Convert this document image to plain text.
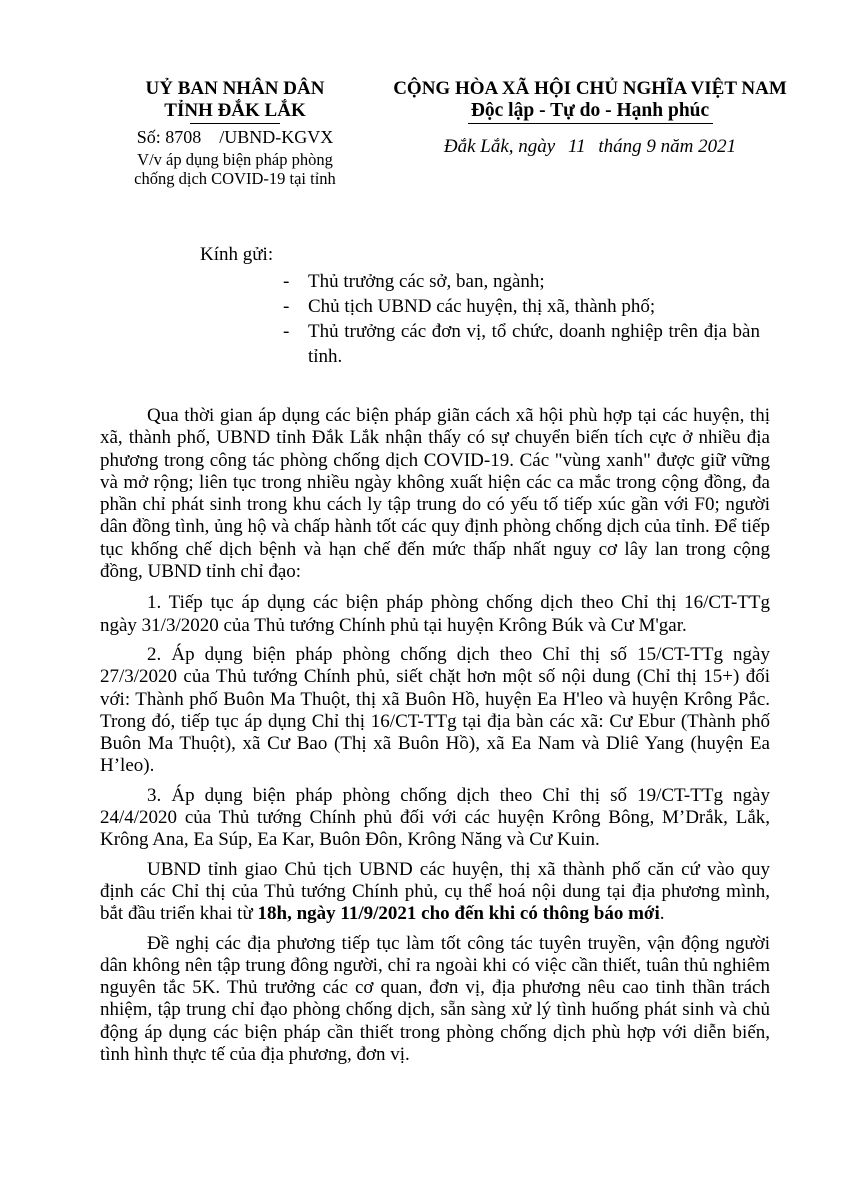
UỶ BAN NHÂN DÂN
TỈNH ĐẮK LẮK
Số: 8708 /UBND-KGVX
V/v áp dụng biện pháp phòng
chống dịch COVID-19 tại tỉnh
CỘNG HÒA XÃ HỘI CHỦ NGHĨA VIỆT NAM
Độc lập - Tự do - Hạnh phúc
Đắk Lắk, ngày 11 tháng 9 năm 2021
Kính gửi:
- Thủ trưởng các sở, ban, ngành;
- Chủ tịch UBND các huyện, thị xã, thành phố;
- Thủ trưởng các đơn vị, tổ chức, doanh nghiệp trên địa bàn tỉnh.

Qua thời gian áp dụng các biện pháp giãn cách xã hội phù hợp tại các huyện, thị xã, thành phố, UBND tỉnh Đắk Lắk nhận thấy có sự chuyển biến tích cực ở nhiều địa phương trong công tác phòng chống dịch COVID-19. Các "vùng xanh" được giữ vững và mở rộng; liên tục trong nhiều ngày không xuất hiện các ca mắc trong cộng đồng, đa phần chỉ phát sinh trong khu cách ly tập trung do có yếu tố tiếp xúc gần với F0; người dân đồng tình, ủng hộ và chấp hành tốt các quy định phòng chống dịch của tỉnh. Để tiếp tục khống chế dịch bệnh và hạn chế đến mức thấp nhất nguy cơ lây lan trong cộng đồng, UBND tỉnh chỉ đạo:

1. Tiếp tục áp dụng các biện pháp phòng chống dịch theo Chỉ thị 16/CT-TTg ngày 31/3/2020 của Thủ tướng Chính phủ tại huyện Krông Búk và Cư M'gar.

2. Áp dụng biện pháp phòng chống dịch theo Chỉ thị số 15/CT-TTg ngày 27/3/2020 của Thủ tướng Chính phủ, siết chặt hơn một số nội dung (Chỉ thị 15+) đối với: Thành phố Buôn Ma Thuột, thị xã Buôn Hồ, huyện Ea H'leo và huyện Krông Pắc. Trong đó, tiếp tục áp dụng Chỉ thị 16/CT-TTg tại địa bàn các xã: Cư Ebur (Thành phố Buôn Ma Thuột), xã Cư Bao (Thị xã Buôn Hồ), xã Ea Nam và Dliê Yang (huyện Ea H’leo).

3. Áp dụng biện pháp phòng chống dịch theo Chỉ thị số 19/CT-TTg ngày 24/4/2020 của Thủ tướng Chính phủ đối với các huyện Krông Bông, M’Drắk, Lắk, Krông Ana, Ea Súp, Ea Kar, Buôn Đôn, Krông Năng và Cư Kuin.

UBND tỉnh giao Chủ tịch UBND các huyện, thị xã thành phố căn cứ vào quy định các Chỉ thị của Thủ tướng Chính phủ, cụ thể hoá nội dung tại địa phương mình, bắt đầu triển khai từ 18h, ngày 11/9/2021 cho đến khi có thông báo mới.

Đề nghị các địa phương tiếp tục làm tốt công tác tuyên truyền, vận động người dân không nên tập trung đông người, chỉ ra ngoài khi có việc cần thiết, tuân thủ nghiêm nguyên tắc 5K. Thủ trưởng các cơ quan, đơn vị, địa phương nêu cao tinh thần trách nhiệm, tập trung chỉ đạo phòng chống dịch, sẵn sàng xử lý tình huống phát sinh và chủ động áp dụng các biện pháp cần thiết trong phòng chống dịch phù hợp với diễn biến, tình hình thực tế của địa phương, đơn vị.
